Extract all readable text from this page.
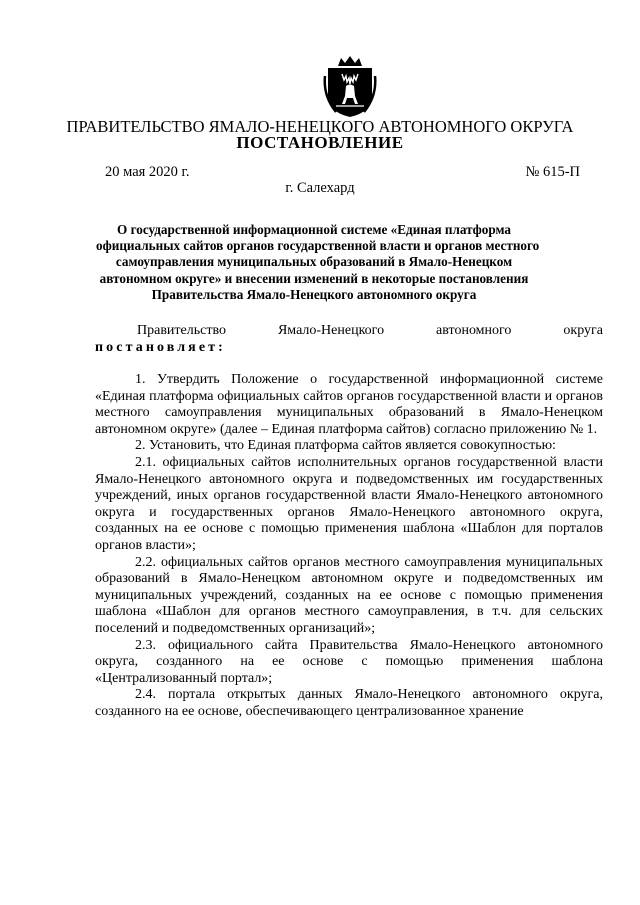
ПРАВИТЕЛЬСТВО ЯМАЛО-НЕНЕЦКОГО АВТОНОМНОГО ОКРУГА
ПОСТАНОВЛЕНИЕ
20 мая 2020 г.	№ 615-П
г. Салехард
О государственной информационной системе «Единая платформа
официальных сайтов органов государственной власти и органов местного
самоуправления муниципальных образований в Ямало-Ненецком
автономном округе» и внесении изменений в некоторые постановления
Правительства Ямало-Ненецкого автономного округа
Правительство	Ямало-Ненецкого	автономного	округа
постановляет:

1. Утвердить Положение о государственной информационной системе «Единая платформа официальных сайтов органов государственной власти и органов местного самоуправления муниципальных образований в Ямало-Ненецком автономном округе» (далее – Единая платформа сайтов) согласно приложению № 1.

2. Установить, что Единая платформа сайтов является совокупностью:

2.1. официальных сайтов исполнительных органов государственной власти Ямало-Ненецкого автономного округа и подведомственных им государственных учреждений, иных органов государственной власти Ямало-Ненецкого автономного округа и государственных органов Ямало-Ненецкого автономного округа, созданных на ее основе с помощью применения шаблона «Шаблон для порталов органов власти»;

2.2. официальных сайтов органов местного самоуправления муниципальных образований в Ямало-Ненецком автономном округе и подведомственных им муниципальных учреждений, созданных на ее основе с помощью применения шаблона «Шаблон для органов местного самоуправления, в т.ч. для сельских поселений и подведомственных организаций»;

2.3. официального сайта Правительства Ямало-Ненецкого автономного округа, созданного на ее основе с помощью применения шаблона «Централизованный портал»;

2.4. портала открытых данных Ямало-Ненецкого автономного округа, созданного на ее основе, обеспечивающего централизованное хранение
